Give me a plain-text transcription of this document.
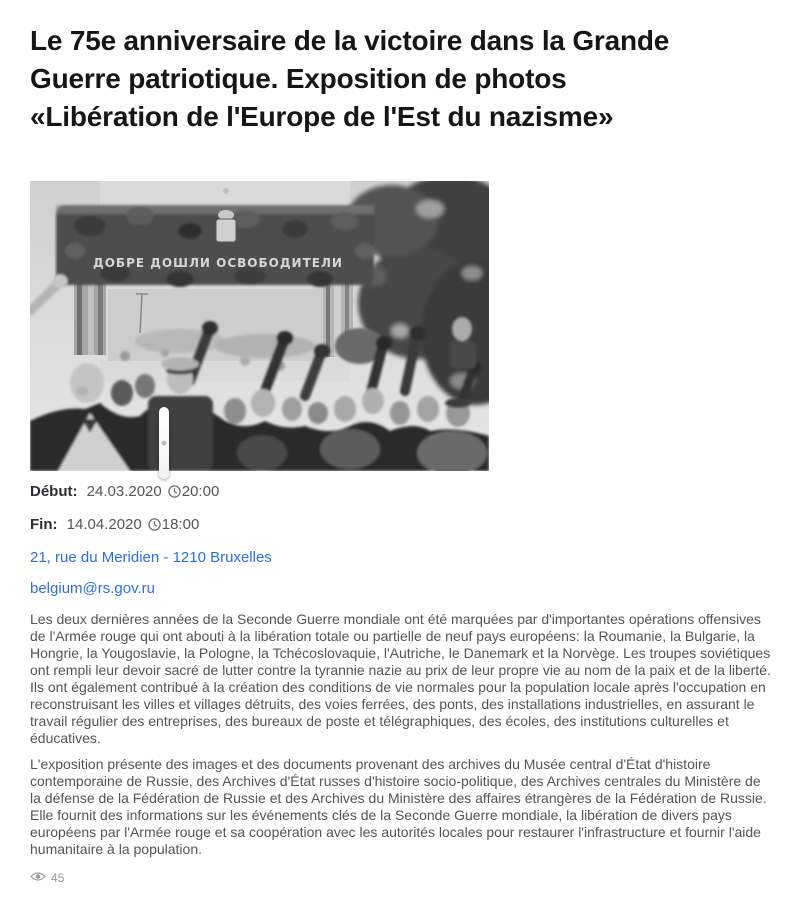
Le 75e anniversaire de la victoire dans la Grande Guerre patriotique. Exposition de photos «Libération de l'Europe de l'Est du nazisme»
ДОБРЕ ДОШЛИ ОСВОБОДИТЕЛИ

Début: 24.03.2020 20:00

Fin: 14.04.2020 18:00

21, rue du Meridien - 1210 Bruxelles

belgium@rs.gov.ru

Les deux dernières années de la Seconde Guerre mondiale ont été marquées par d'importantes opérations offensives de l'Armée rouge qui ont abouti à la libération totale ou partielle de neuf pays européens: la Roumanie, la Bulgarie, la Hongrie, la Yougoslavie, la Pologne, la Tchécoslovaquie, l'Autriche, le Danemark et la Norvège. Les troupes soviétiques ont rempli leur devoir sacré de lutter contre la tyrannie nazie au prix de leur propre vie au nom de la paix et de la liberté. Ils ont également contribué à la création des conditions de vie normales pour la population locale après l'occupation en reconstruisant les villes et villages détruits, des voies ferrées, des ponts, des installations industrielles, en assurant le travail régulier des entreprises, des bureaux de poste et télégraphiques, des écoles, des institutions culturelles et éducatives.

L'exposition présente des images et des documents provenant des archives du Musée central d'État d'histoire contemporaine de Russie, des Archives d'État russes d'histoire socio-politique, des Archives centrales du Ministère de la défense de la Fédération de Russie et des Archives du Ministère des affaires étrangères de la Fédération de Russie. Elle fournit des informations sur les événements clés de la Seconde Guerre mondiale, la libération de divers pays européens par l'Armée rouge et sa coopération avec les autorités locales pour restaurer l'infrastructure et fournir l'aide humanitaire à la population.

45
